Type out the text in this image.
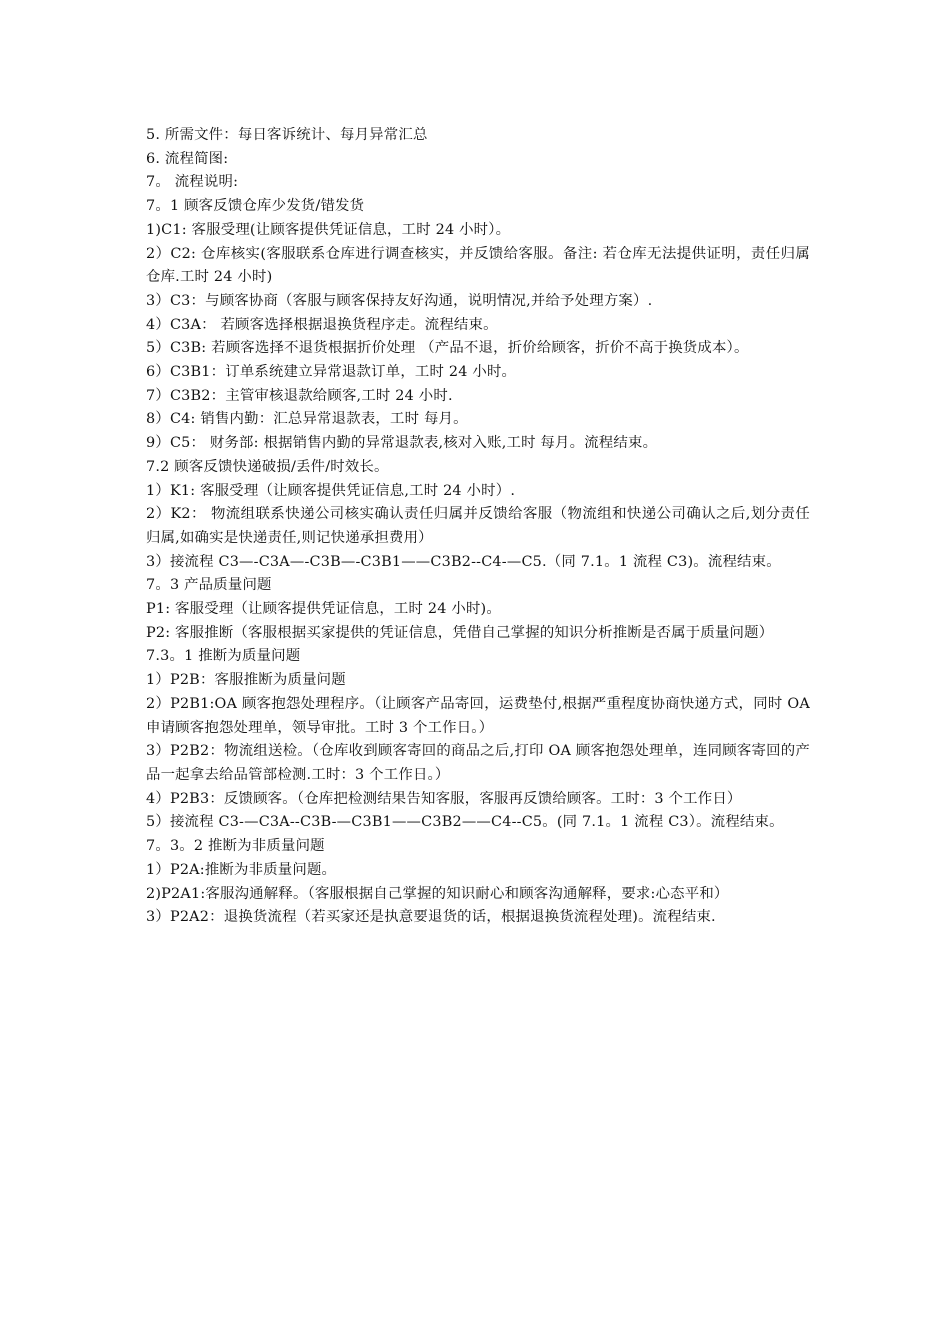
5. 所需文件：每日客诉统计、每月异常汇总
6. 流程简图:
7。 流程说明:
7。1 顾客反馈仓库少发货/错发货
1)C1: 客服受理(让顾客提供凭证信息，工时 24 小时）。
2）C2: 仓库核实(客服联系仓库进行调查核实，并反馈给客服。备注: 若仓库无法提供证明，责任归属仓库.工时 24 小时)
3）C3：与顾客协商（客服与顾客保持友好沟通，说明情况,并给予处理方案）.
4）C3A： 若顾客选择根据退换货程序走。流程结束。
5）C3B: 若顾客选择不退货根据折价处理 （产品不退，折价给顾客，折价不高于换货成本）。
6）C3B1：订单系统建立异常退款订单，工时 24 小时。
7）C3B2：主管审核退款给顾客,工时 24 小时.
8）C4: 销售内勤：汇总异常退款表，工时 每月。
9）C5： 财务部: 根据销售内勤的异常退款表,核对入账,工时 每月。流程结束。
7.2 顾客反馈快递破损/丢件/时效长。
1）K1: 客服受理（让顾客提供凭证信息,工时 24 小时）.
2）K2： 物流组联系快递公司核实确认责任归属并反馈给客服（物流组和快递公司确认之后,划分责任归属,如确实是快递责任,则记快递承担费用）
3）接流程 C3—-C3A—-C3B—-C3B1——C3B2--C4-—C5.（同 7.1。1 流程 C3)。流程结束。
7。3 产品质量问题
P1: 客服受理（让顾客提供凭证信息，工时 24 小时)。
P2: 客服推断（客服根据买家提供的凭证信息，凭借自己掌握的知识分析推断是否属于质量问题）
7.3。1 推断为质量问题
1）P2B：客服推断为质量问题
2）P2B1:OA 顾客抱怨处理程序。（让顾客产品寄回，运费垫付,根据严重程度协商快递方式，同时 OA 申请顾客抱怨处理单，领导审批。工时 3 个工作日。）
3）P2B2：物流组送检。（仓库收到顾客寄回的商品之后,打印 OA 顾客抱怨处理单，连同顾客寄回的产品一起拿去给品管部检测.工时：3 个工作日。）
4）P2B3：反馈顾客。（仓库把检测结果告知客服，客服再反馈给顾客。工时：3 个工作日）
5）接流程 C3-—C3A--C3B-—C3B1——C3B2——C4--C5。(同 7.1。1 流程 C3）。流程结束。
7。3。2 推断为非质量问题
1）P2A:推断为非质量问题。
2)P2A1:客服沟通解释。（客服根据自己掌握的知识耐心和顾客沟通解释，要求:心态平和）
3）P2A2：退换货流程（若买家还是执意要退货的话，根据退换货流程处理)。流程结束.
